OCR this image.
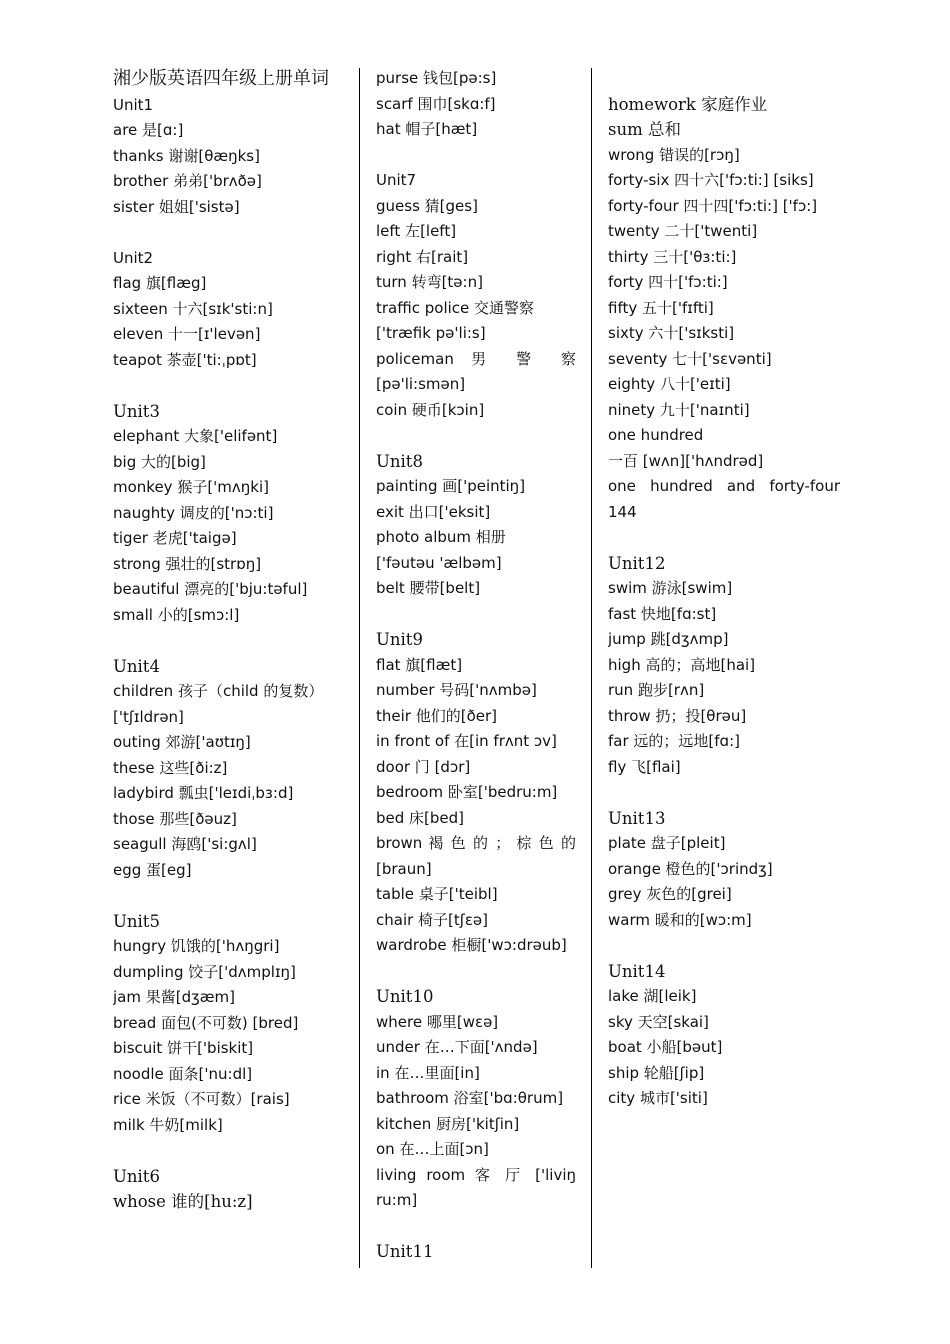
湘少版英语四年级上册单词
Unit1
are 是[ɑ:]
thanks 谢谢[θæŋks]
brother 弟弟['brʌðə]
sister 姐姐['sistə]
Unit2
flag 旗[flæg]
sixteen 十六[sɪk'sti:n]
eleven 十一[ɪ'levən]
teapot 茶壶['ti:ˌpɒt]
Unit3
elephant 大象['elifənt]
big 大的[big]
monkey 猴子['mʌŋki]
naughty 调皮的['nɔ:ti]
tiger 老虎['taigə]
strong 强壮的[strɒŋ]
beautiful 漂亮的['bju:təful]
small 小的[smɔ:l]
Unit4
children 孩子（child 的复数）
['tʃɪldrən]
outing 郊游['aʊtɪŋ]
these 这些[ði:z]
ladybird 瓢虫['leɪdiˌbɜ:d]
those 那些[ðəuz]
seagull 海鸥['si:gʌl]
egg 蛋[eg]
Unit5
hungry 饥饿的['hʌŋgri]
dumpling 饺子['dʌmplɪŋ]
jam 果酱[dʒæm]
bread 面包(不可数) [bred]
biscuit 饼干['biskit]
noodle 面条['nu:dl]
rice 米饭（不可数）[rais]
milk 牛奶[milk]
Unit6
whose 谁的[hu:z]
purse 钱包[pə:s]
scarf 围巾[skɑ:f]
hat 帽子[hæt]
Unit7
guess 猜[ges]
left 左[left]
right 右[rait]
turn 转弯[tə:n]
traffic police 交通警察
['træfik pə'li:s]
policeman 男 警 察
[pə'li:smən]
coin 硬币[kɔin]
Unit8
painting 画['peintiŋ]
exit 出口['eksit]
photo album 相册
['fəutəu 'ælbəm]
belt 腰带[belt]
Unit9
flat 旗[flæt]
number 号码['nʌmbə]
their 他们的[ðer]
in front of 在[in frʌnt ɔv]
door 门 [dɔr]
bedroom 卧室['bedru:m]
bed 床[bed]
brown 褐 色 的 ； 棕 色 的
[braun]
table 桌子['teibl]
chair 椅子[tʃɛə]
wardrobe 柜橱['wɔ:drəub]
Unit10
where 哪里[wɛə]
under 在…下面['ʌndə]
in 在…里面[in]
bathroom 浴室['bɑ:θrum]
kitchen 厨房['kitʃin]
on 在…上面[ɔn]
living room 客 厅 ['liviŋ
ru:m]
Unit11
homework 家庭作业
sum 总和
wrong 错误的[rɔŋ]
forty-six 四十六['fɔ:ti:] [siks]
forty-four 四十四['fɔ:ti:] ['fɔ:]
twenty 二十['twenti]
thirty 三十['θɜ:ti:]
forty 四十['fɔ:ti:]
fifty 五十['fɪfti]
sixty 六十['sɪksti]
seventy 七十['sɛvənti]
eighty 八十['eɪti]
ninety 九十['naɪnti]
one hundred
一百 [wʌn]['hʌndrəd]
one hundred and forty-four
144
Unit12
swim 游泳[swim]
fast 快地[fɑ:st]
jump 跳[dʒʌmp]
high 高的；高地[hai]
run 跑步[rʌn]
throw 扔；投[θrəu]
far 远的；远地[fɑ:]
fly 飞[flai]
Unit13
plate 盘子[pleit]
orange 橙色的['ɔrindʒ]
grey 灰色的[grei]
warm 暖和的[wɔ:m]
Unit14
lake 湖[leik]
sky 天空[skai]
boat 小船[bəut]
ship 轮船[ʃip]
city 城市['siti]
